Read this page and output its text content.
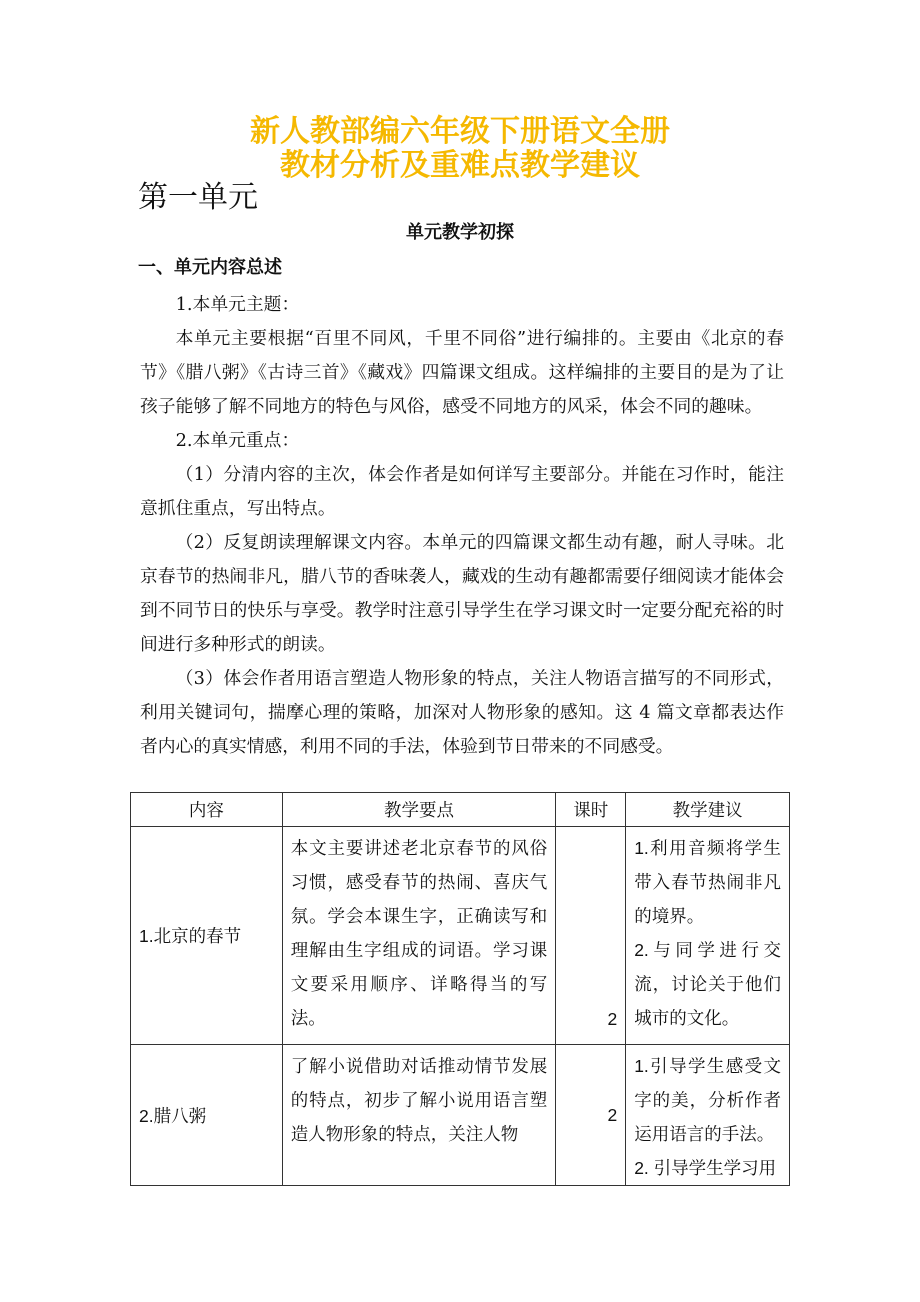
新人教部编六年级下册语文全册
教材分析及重难点教学建议
第一单元
单元教学初探
一、单元内容总述

1.本单元主题：

本单元主要根据“百里不同风，千里不同俗”进行编排的。主要由《北京的春节》《腊八粥》《古诗三首》《藏戏》四篇课文组成。这样编排的主要目的是为了让孩子能够了解不同地方的特色与风俗，感受不同地方的风采，体会不同的趣味。

2.本单元重点：

（1）分清内容的主次，体会作者是如何详写主要部分。并能在习作时，能注意抓住重点，写出特点。

（2）反复朗读理解课文内容。本单元的四篇课文都生动有趣，耐人寻味。北京春节的热闹非凡，腊八节的香味袭人，藏戏的生动有趣都需要仔细阅读才能体会到不同节日的快乐与享受。教学时注意引导学生在学习课文时一定要分配充裕的时间进行多种形式的朗读。

（3）体会作者用语言塑造人物形象的特点，关注人物语言描写的不同形式，利用关键词句，揣摩心理的策略，加深对人物形象的感知。这 4 篇文章都表达作者内心的真实情感，利用不同的手法，体验到节日带来的不同感受。

内容	教学要点	课时	教学建议
1.北京的春节	本文主要讲述老北京春节的风俗习惯，感受春节的热闹、喜庆气氛。学会本课生字，正确读写和理解由生字组成的词语。学习课文要采用顺序、详略得当的写法。	2	1.利用音频将学生带入春节热闹非凡的境界。
2.与同学进行交流，讨论关于他们城市的文化。

2.腊八粥	了解小说借助对话推动情节发展的特点，初步了解小说用语言塑造人物形象的特点，关注人物	2	1.引导学生感受文字的美，分析作者运用语言的手法。
2. 引导学生学习用
